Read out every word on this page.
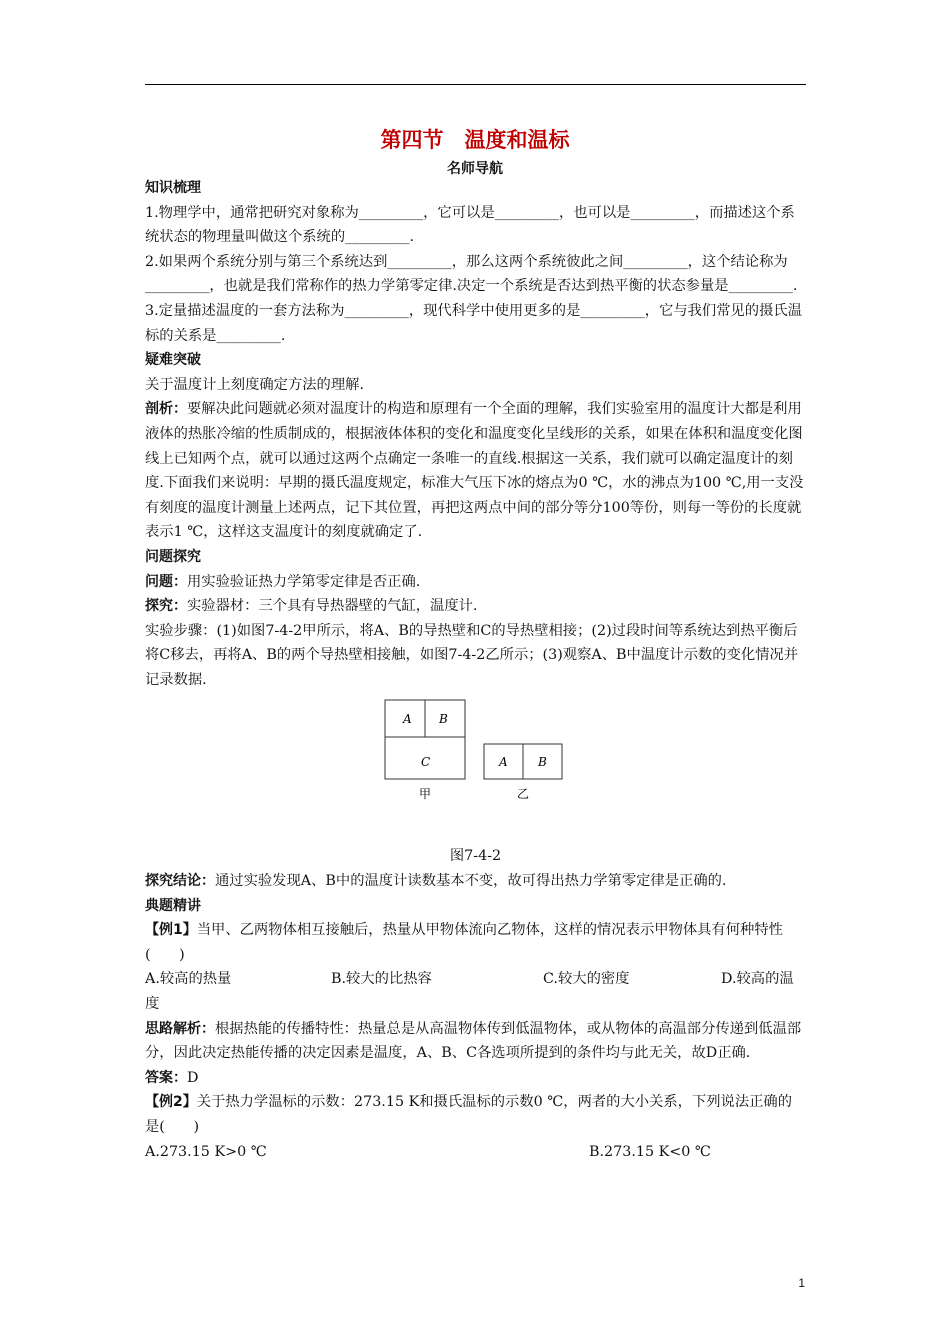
第四节　温度和温标
名师导航

知识梳理

1.物理学中，通常把研究对象称为_________，它可以是_________，也可以是_________，而描述这个系统状态的物理量叫做这个系统的_________.

2.如果两个系统分别与第三个系统达到_________，那么这两个系统彼此之间_________，这个结论称为_________，也就是我们常称作的热力学第零定律.决定一个系统是否达到热平衡的状态参量是_________.

3.定量描述温度的一套方法称为_________，现代科学中使用更多的是_________，它与我们常见的摄氏温标的关系是_________.

疑难突破

关于温度计上刻度确定方法的理解.

剖析：要解决此问题就必须对温度计的构造和原理有一个全面的理解，我们实验室用的温度计大都是利用液体的热胀冷缩的性质制成的，根据液体体积的变化和温度变化呈线形的关系，如果在体积和温度变化图线上已知两个点，就可以通过这两个点确定一条唯一的直线.根据这一关系，我们就可以确定温度计的刻度.下面我们来说明：早期的摄氏温度规定，标准大气压下冰的熔点为0 ℃，水的沸点为100 ℃,用一支没有刻度的温度计测量上述两点，记下其位置，再把这两点中间的部分等分100等份，则每一等份的长度就表示1 ℃，这样这支温度计的刻度就确定了.

问题探究

问题：用实验验证热力学第零定律是否正确.

探究：实验器材：三个具有导热器壁的气缸，温度计.

实验步骤：(1)如图7-4-2甲所示，将A、B的导热壁和C的导热壁相接；(2)过段时间等系统达到热平衡后将C移去，再将A、B的两个导热壁相接触，如图7-4-2乙所示；(3)观察A、B中温度计示数的变化情况并记录数据.

A B
C
甲
A	B
乙

图7-4-2

探究结论：通过实验发现A、B中的温度计读数基本不变，故可得出热力学第零定律是正确的.

典题精讲

【例1】当甲、乙两物体相互接触后，热量从甲物体流向乙物体，这样的情况表示甲物体具有何种特性(　　)

A.较高的热量	B.较大的比热容	C.较大的密度	D.较高的温

度

思路解析：根据热能的传播特性：热量总是从高温物体传到低温物体，或从物体的高温部分传递到低温部分，因此决定热能传播的决定因素是温度，A、B、C各选项所提到的条件均与此无关，故D正确.

答案：D

【例2】关于热力学温标的示数：273.15 K和摄氏温标的示数0 ℃，两者的大小关系，下列说法正确的是(　　)

A.273.15 K>0 ℃	B.273.15 K<0 ℃
1
